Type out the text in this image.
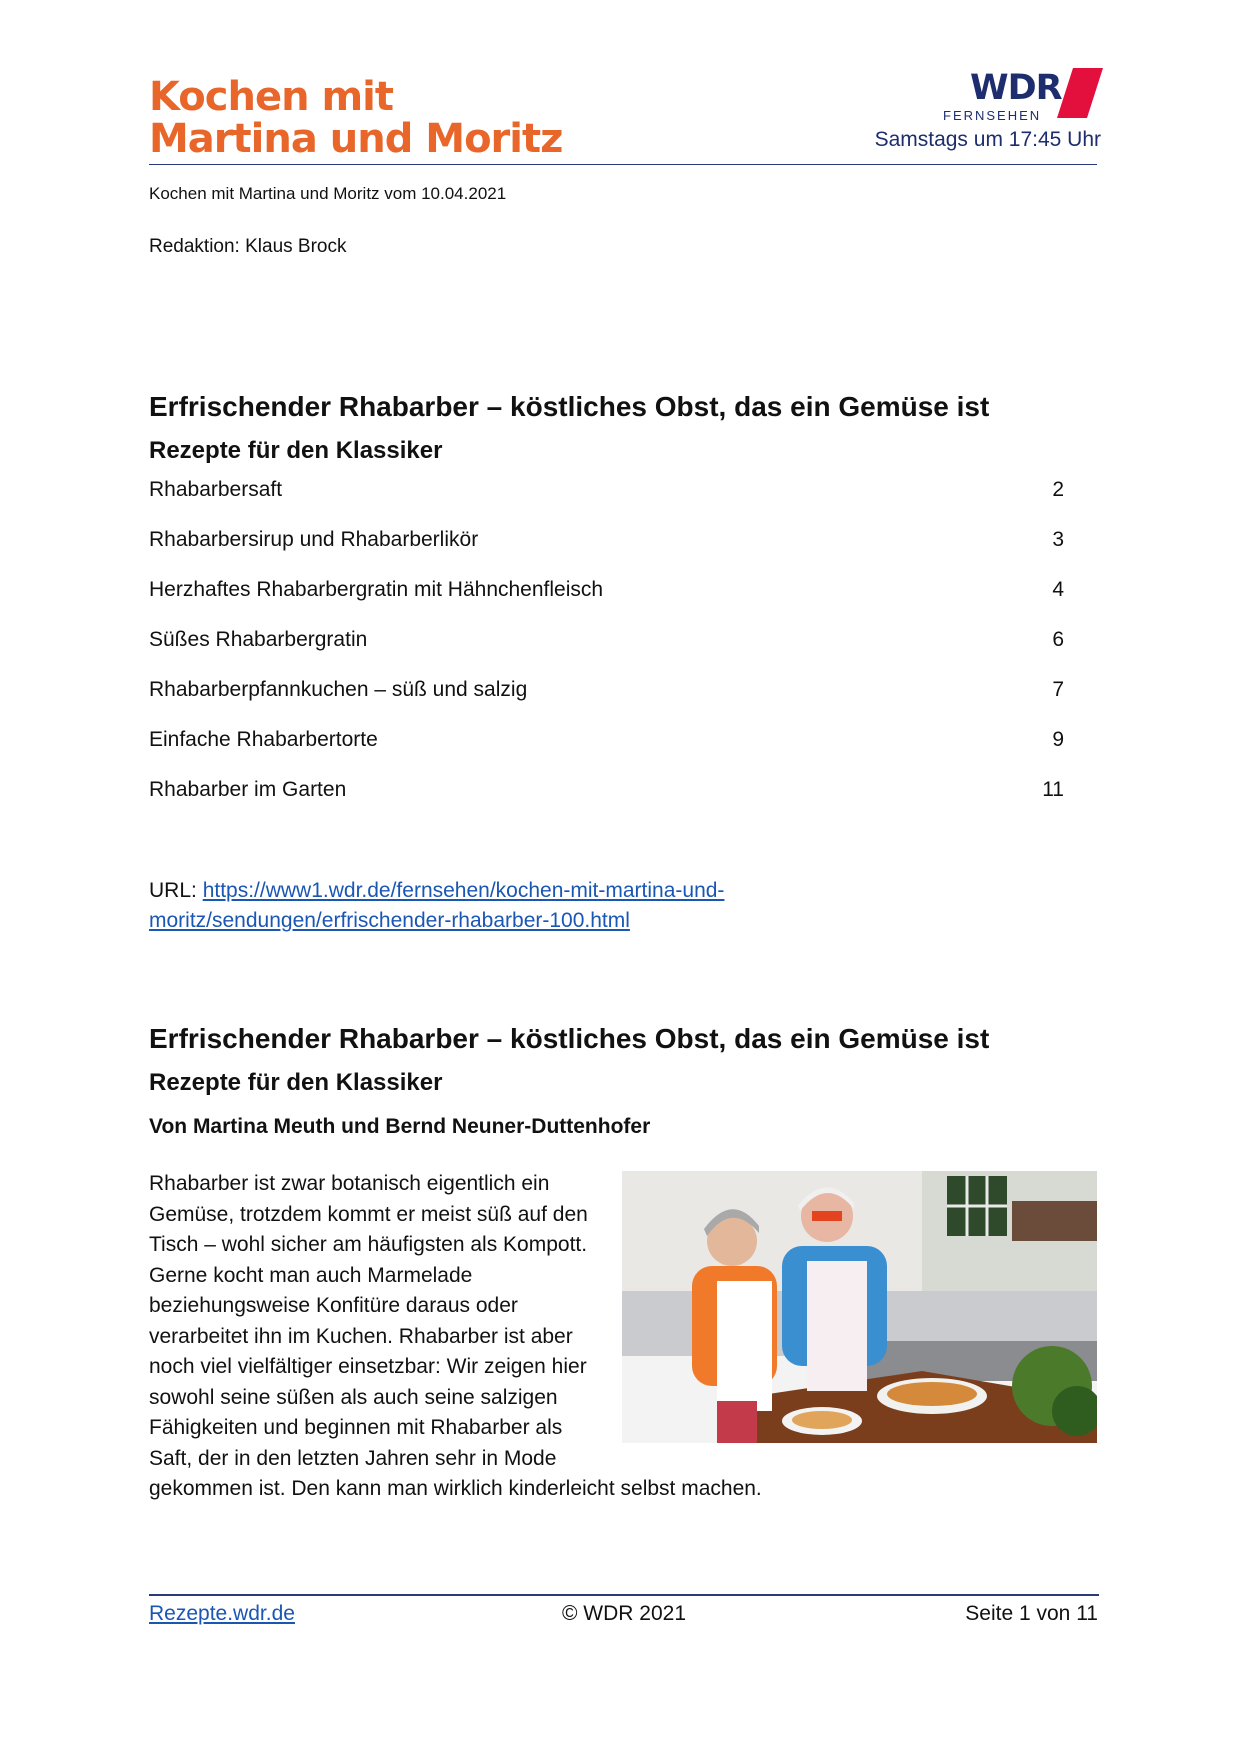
Kochen mit
Martina und Moritz
WDR
FERNSEHEN
Samstags um 17:45 Uhr
Kochen mit Martina und Moritz vom 10.04.2021
Redaktion: Klaus Brock
Erfrischender Rhabarber – köstliches Obst, das ein Gemüse ist
Rezepte für den Klassiker
Rhabarbersaft	2
Rhabarbersirup und Rhabarberlikör	3
Herzhaftes Rhabarbergratin mit Hähnchenfleisch	4
Süßes Rhabarbergratin	6
Rhabarberpfannkuchen – süß und salzig	7
Einfache Rhabarbertorte	9
Rhabarber im Garten	11
URL: https://www1.wdr.de/fernsehen/kochen-mit-martina-und-
moritz/sendungen/erfrischender-rhabarber-100.html
Erfrischender Rhabarber – köstliches Obst, das ein Gemüse ist
Rezepte für den Klassiker
Von Martina Meuth und Bernd Neuner-Duttenhofer
Rhabarber ist zwar botanisch eigentlich ein Gemüse, trotzdem kommt er meist süß auf den Tisch – wohl sicher am häufigsten als Kompott. Gerne kocht man auch Marmelade beziehungsweise Konfitüre daraus oder verarbeitet ihn im Kuchen. Rhabarber ist aber noch viel vielfältiger einsetzbar: Wir zeigen hier sowohl seine süßen als auch seine salzigen Fähigkeiten und beginnen mit Rhabarber als Saft, der in den letzten Jahren sehr in Mode gekommen ist. Den kann man wirklich kinderleicht selbst machen.
Rezepte.wdr.de	© WDR 2021	Seite 1 von 11
